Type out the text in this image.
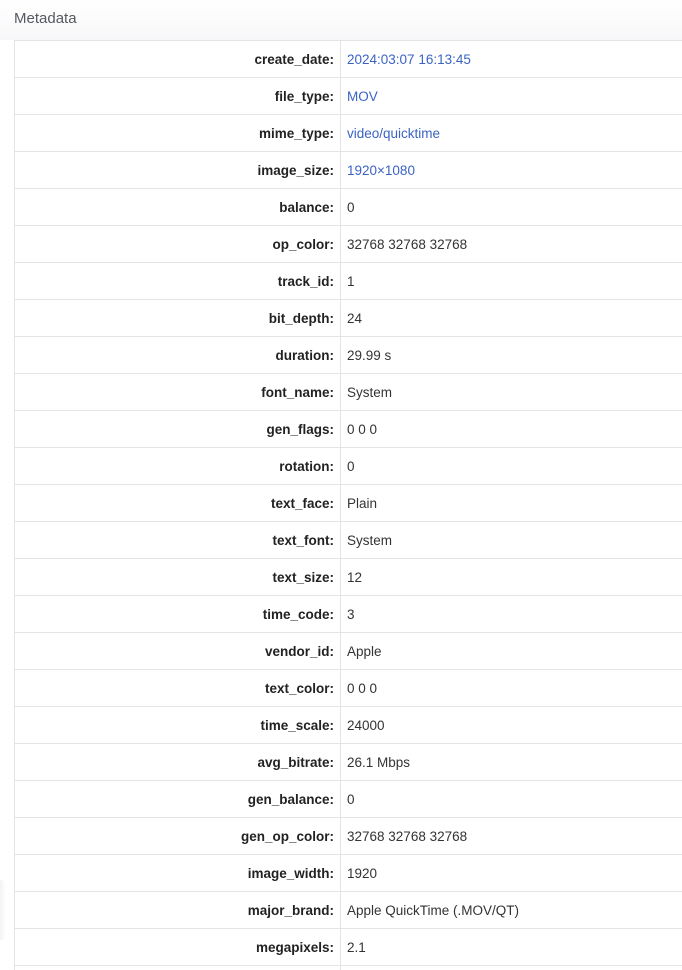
Metadata
create_date:	2024:03:07 16:13:45
file_type:	MOV
mime_type:	video/quicktime
image_size:	1920×1080
balance:	0
op_color:	32768 32768 32768
track_id:	1
bit_depth:	24
duration:	29.99 s
font_name:	System
gen_flags:	0 0 0
rotation:	0
text_face:	Plain
text_font:	System
text_size:	12
time_code:	3
vendor_id:	Apple
text_color:	0 0 0
time_scale:	24000
avg_bitrate:	26.1 Mbps
gen_balance:	0
gen_op_color:	32768 32768 32768
image_width:	1920
major_brand:	Apple QuickTime (.MOV/QT)
megapixels:	2.1
